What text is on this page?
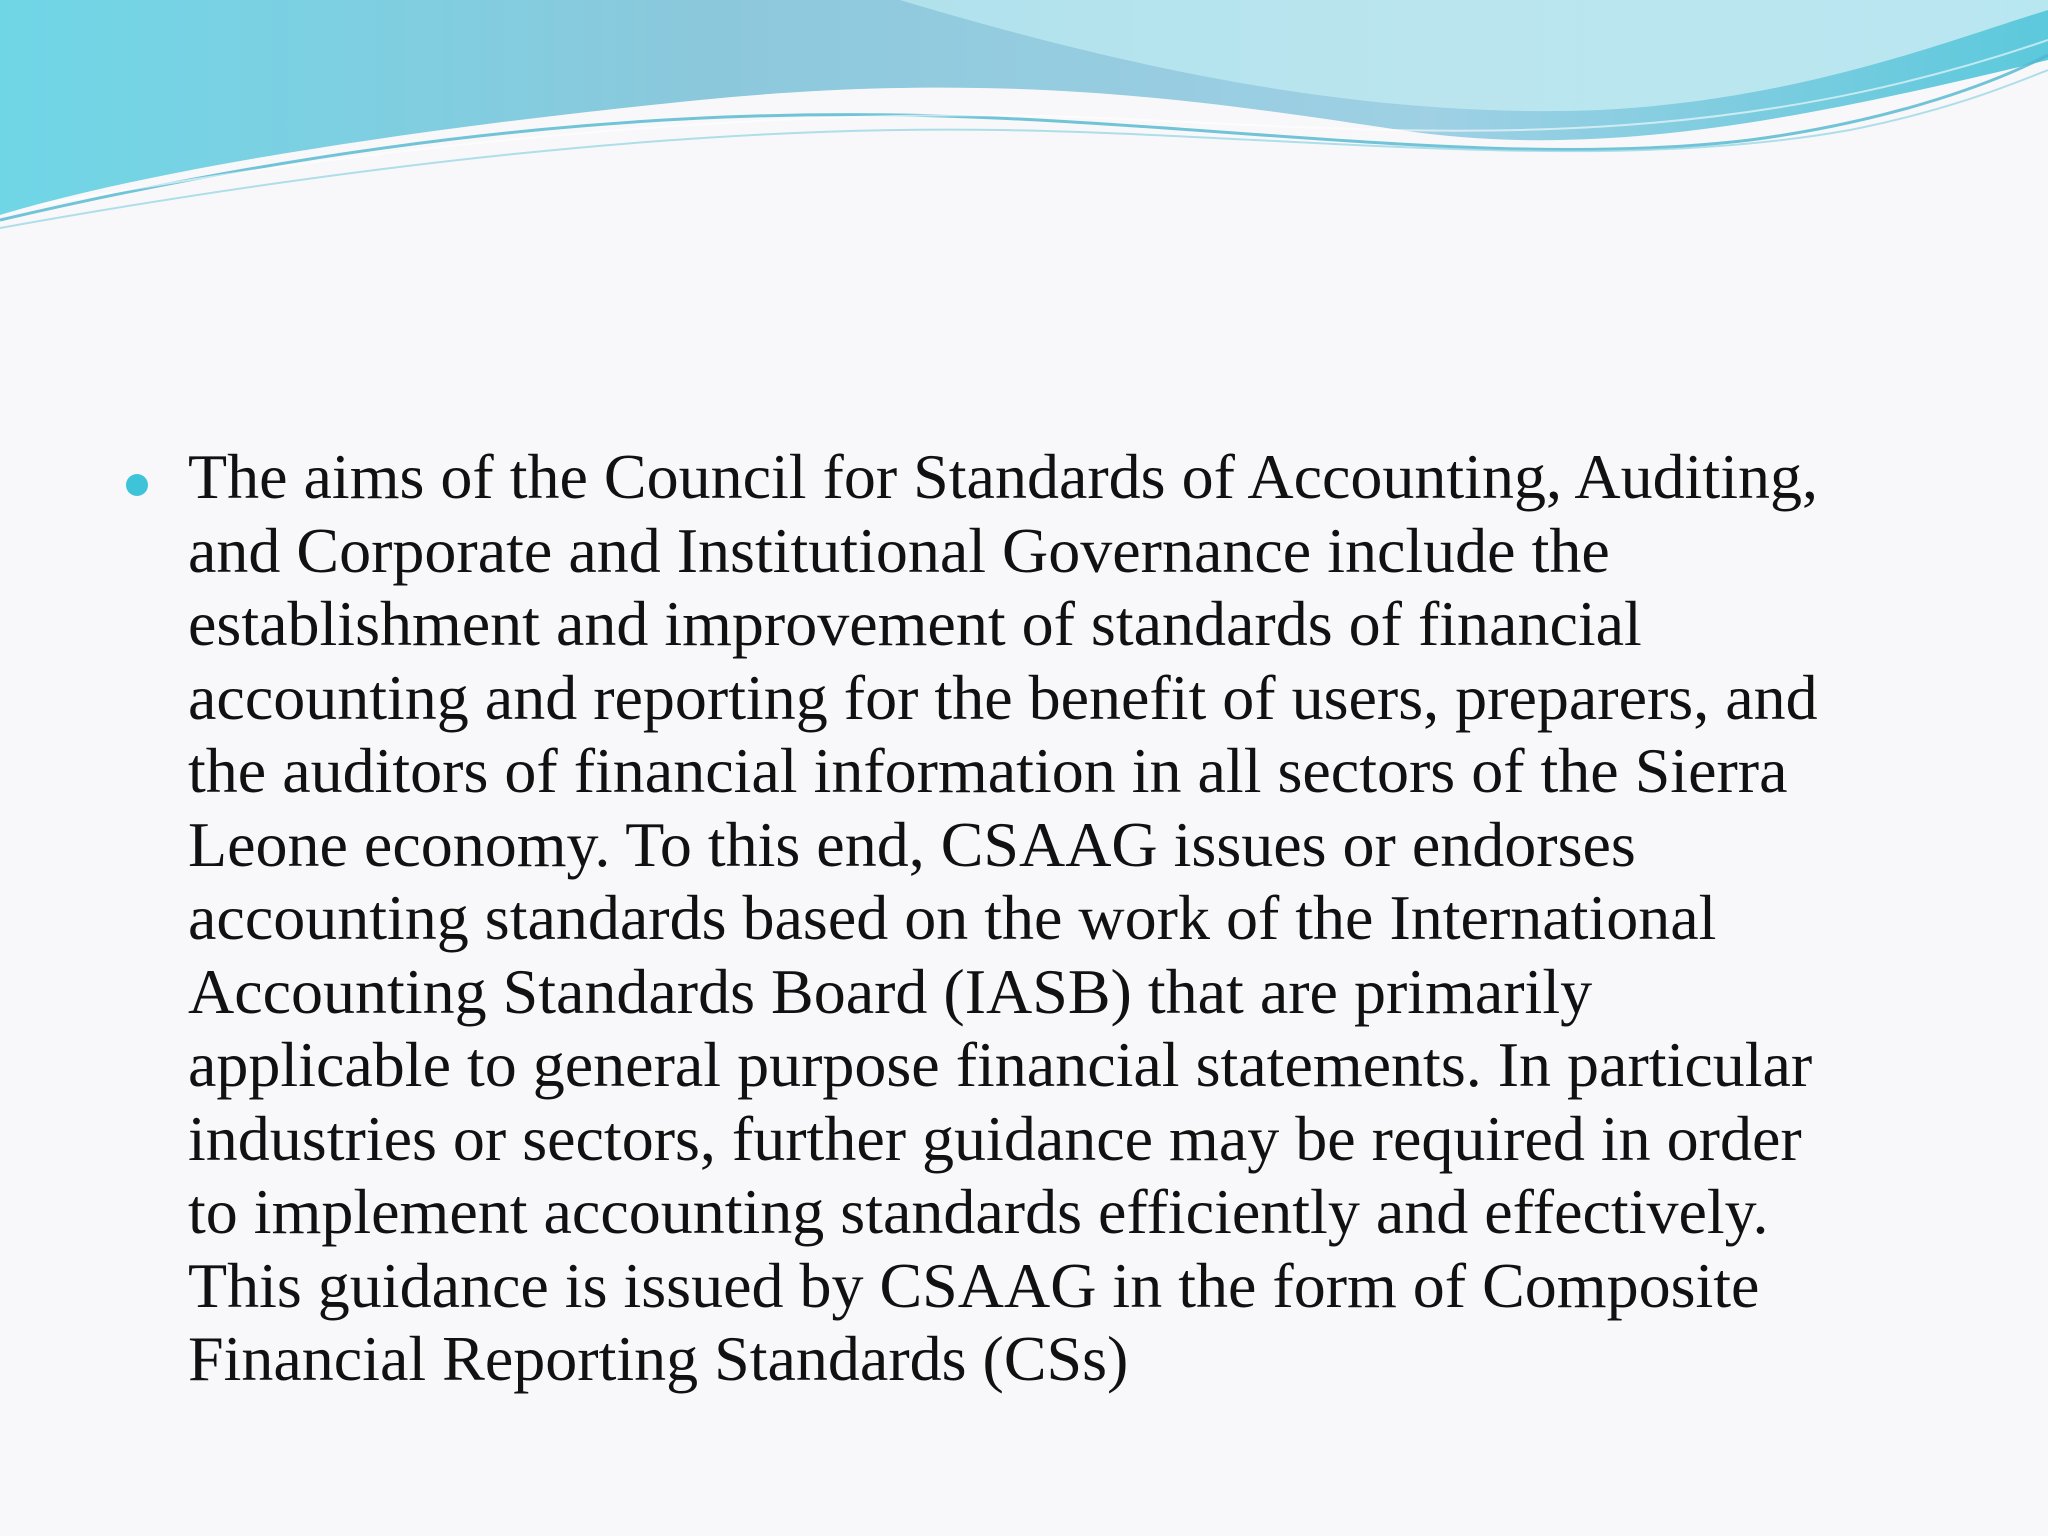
The aims of the Council for Standards of Accounting, Auditing,
and Corporate and Institutional Governance include the
establishment and improvement of standards of financial
accounting and reporting for the benefit of users, preparers, and
the auditors of financial information in all sectors of the Sierra
Leone economy. To this end, CSAAG issues or endorses
accounting standards based on the work of the International
Accounting Standards Board (IASB) that are primarily
applicable to general purpose financial statements. In particular
industries or sectors, further guidance may be required in order
to implement accounting standards efficiently and effectively.
This guidance is issued by CSAAG in the form of Composite
Financial Reporting Standards (CSs)
